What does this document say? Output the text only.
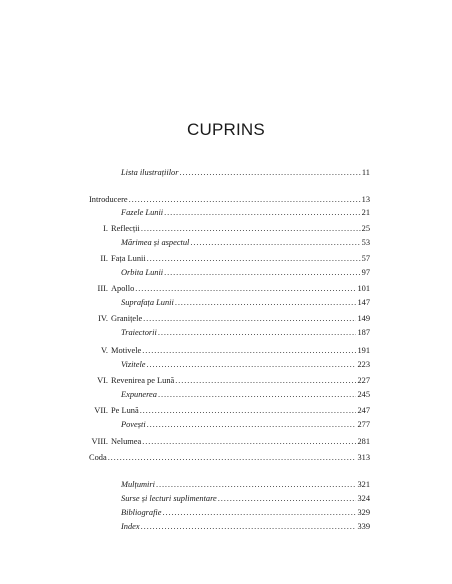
CUPRINS
Lista ilustrațiilor . . .	11
Introducere . . .	13
Fazele Lunii . . .	21
I. Reflecții . . .	25
Mărimea și aspectul . . .	53
II. Fața Lunii . . .	57
Orbita Lunii . . .	97
III. Apollo . . .	101
Suprafața Lunii . . .	147
IV. Granițele . . .	149
Traiectorii . . .	187
V. Motivele . . .	191
Vizitele . . .	223
VI. Revenirea pe Lună . . .	227
Expunerea . . .	245
VII. Pe Lună . . .	247
Povești . . .	277
VIII. Nelumea . . .	281
Coda . . .	313
Mulțumiri . . .	321
Surse și lecturi suplimentare . . .	324
Bibliografie . . .	329
Index . . .	339
